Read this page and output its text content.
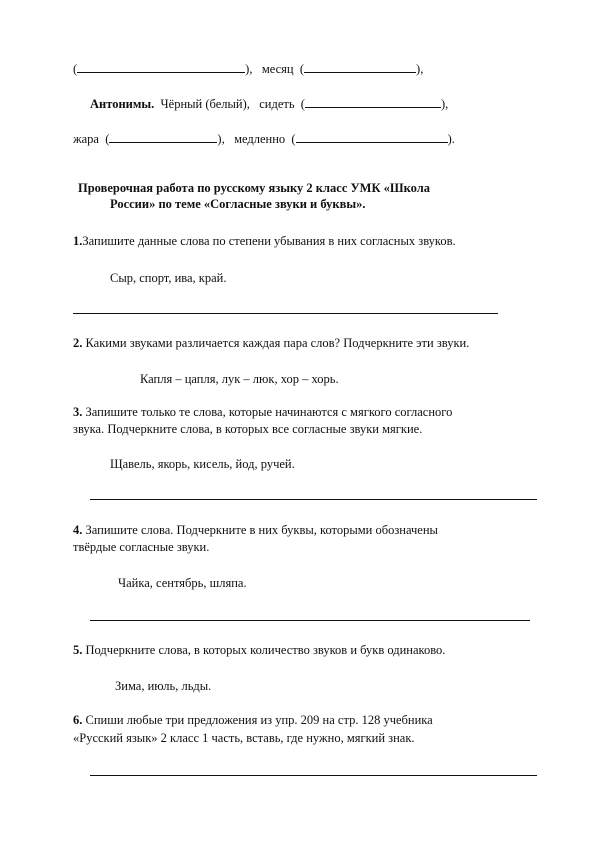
(	), месяц (	),
Антонимы. Чёрный (белый), сидеть (	),
жара (	), медленно (	).
Проверочная работа по русскому языку 2 класс УМК «Школа
России» по теме «Согласные звуки и буквы».
1.Запишите данные слова по степени убывания в них согласных звуков.
Сыр, спорт, ива, край.
2. Какими звуками различается каждая пара слов? Подчеркните эти звуки.
Капля – цапля, лук – люк, хор – хорь.
3. Запишите только те слова, которые начинаются с мягкого согласного
звука. Подчеркните слова, в которых все согласные звуки мягкие.
Щавель, якорь, кисель, йод, ручей.
4. Запишите слова. Подчеркните в них буквы, которыми обозначены
твёрдые согласные звуки.
Чайка, сентябрь, шляпа.
5. Подчеркните слова, в которых количество звуков и букв одинаково.
Зима, июль, льды.
6. Спиши любые три предложения из упр. 209 на стр. 128 учебника
«Русский язык» 2 класс 1 часть, вставь, где нужно, мягкий знак.
